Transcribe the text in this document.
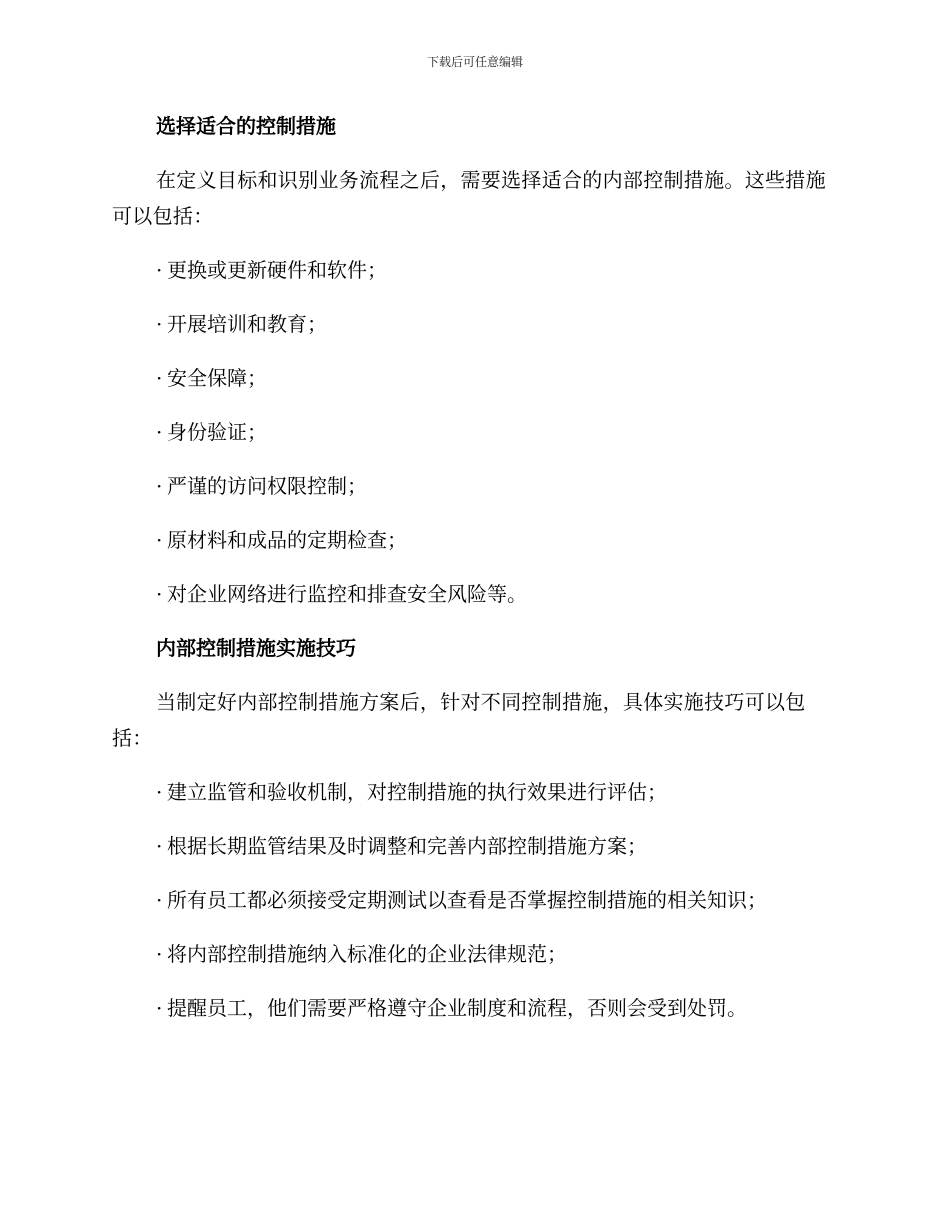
下载后可任意编辑
选择适合的控制措施
在定义目标和识别业务流程之后，需要选择适合的内部控制措施。这些措施可以包括：
· 更换或更新硬件和软件；
· 开展培训和教育；
· 安全保障；
· 身份验证；
· 严谨的访问权限控制；
· 原材料和成品的定期检查；
· 对企业网络进行监控和排查安全风险等。
内部控制措施实施技巧
当制定好内部控制措施方案后，针对不同控制措施，具体实施技巧可以包括：
· 建立监管和验收机制，对控制措施的执行效果进行评估；
· 根据长期监管结果及时调整和完善内部控制措施方案；
· 所有员工都必须接受定期测试以查看是否掌握控制措施的相关知识；
· 将内部控制措施纳入标准化的企业法律规范；
· 提醒员工，他们需要严格遵守企业制度和流程，否则会受到处罚。
